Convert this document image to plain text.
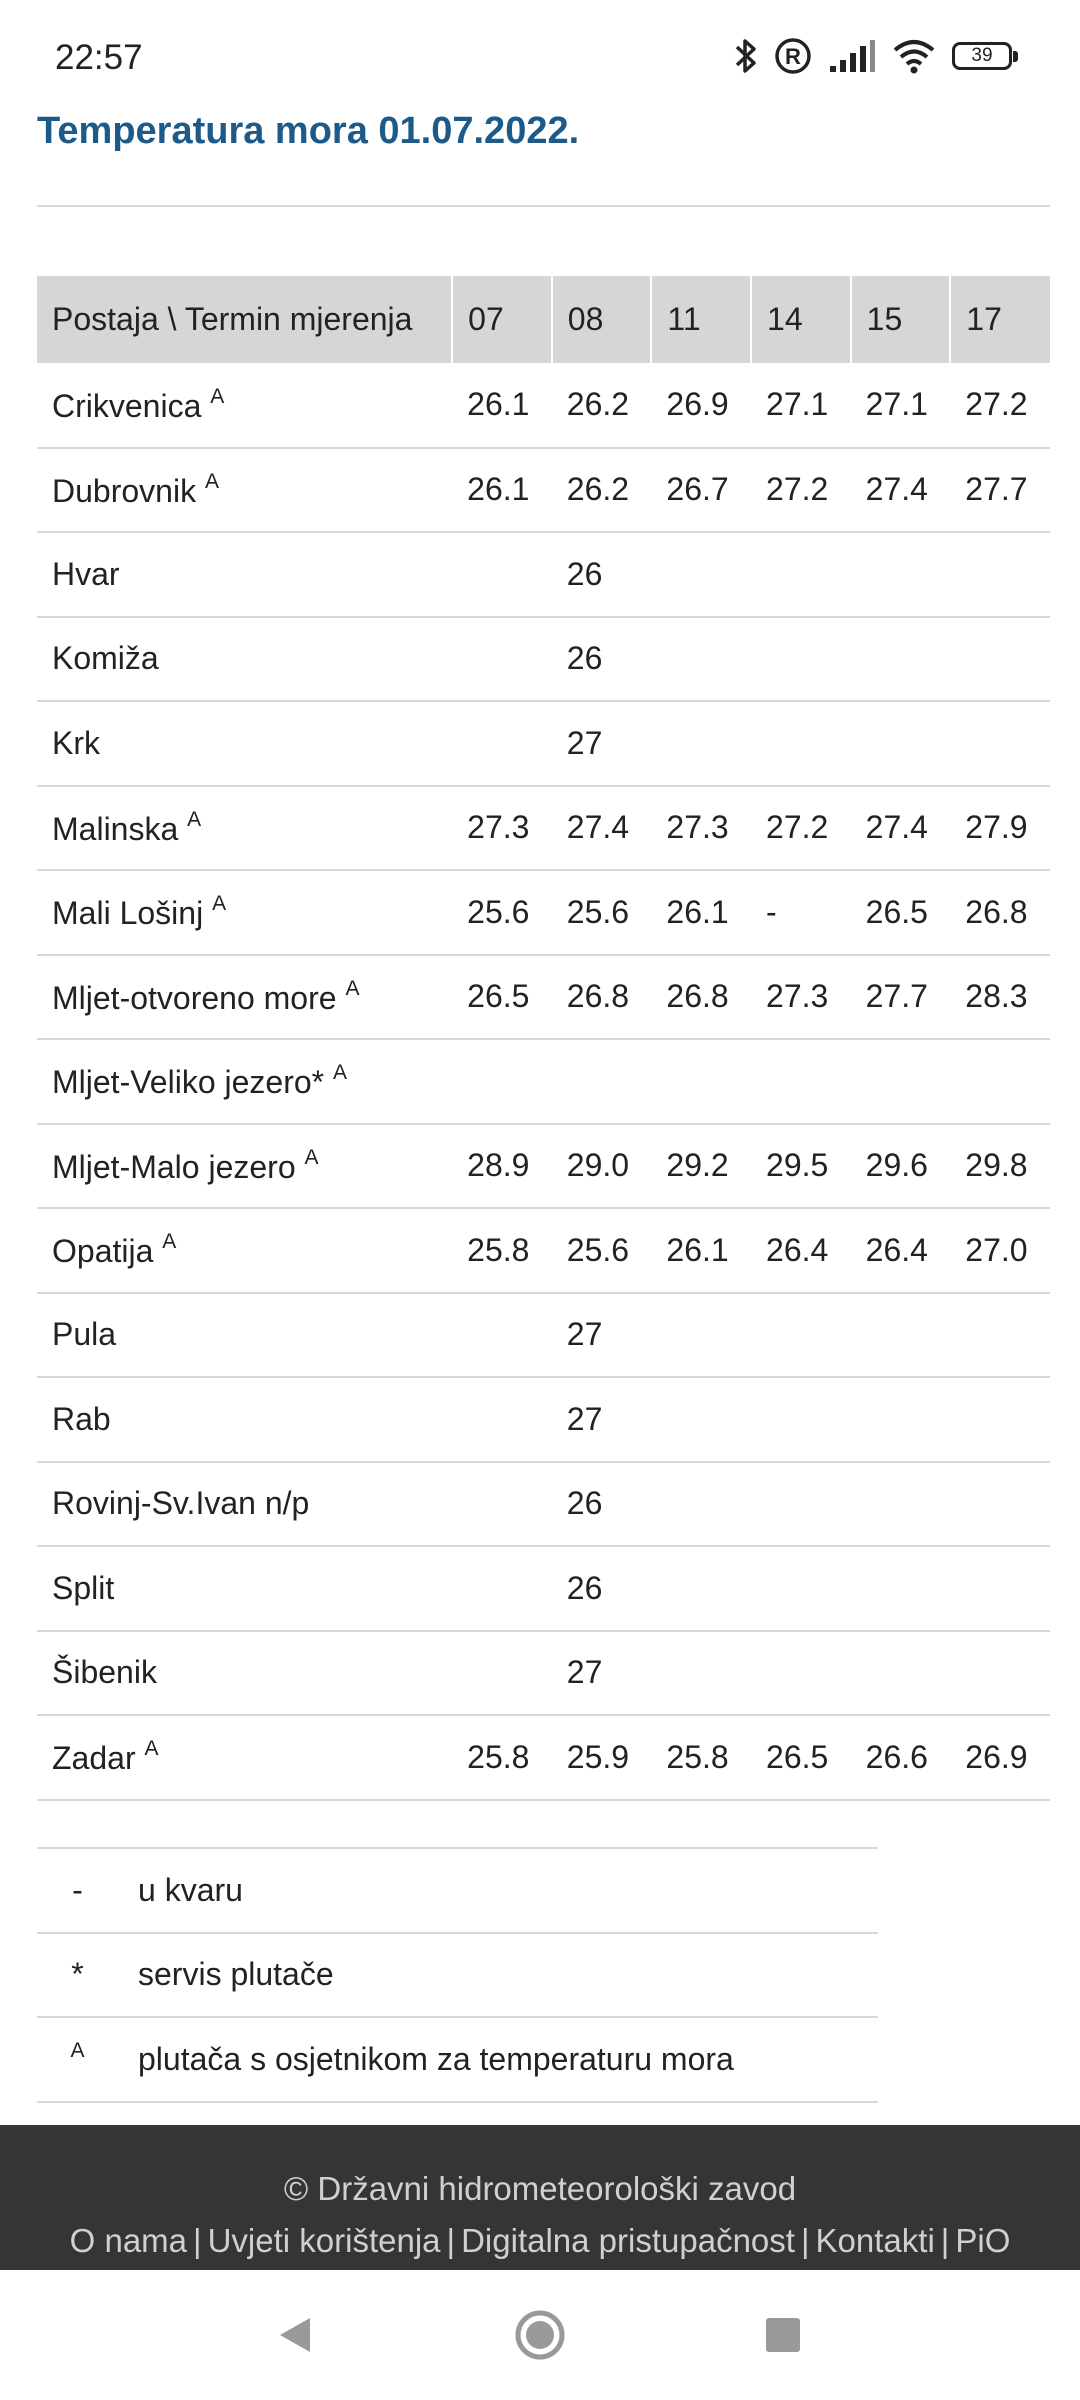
22:57	R	39
Temperatura mora 01.07.2022.
Postaja \ Termin mjerenja	07	08	11	14	15	17
Crikvenica $^A$	26.1	26.2	26.9	27.1	27.1	27.2
Dubrovnik $^A$	26.1	26.2	26.7	27.2	27.4	27.7
Hvar		26				
Komiža		26				
Krk		27				
Malinska $^A$	27.3	27.4	27.3	27.2	27.4	27.9
Mali Lošinj $^A$	25.6	25.6	26.1	-	26.5	26.8
Mljet-otvoreno more $^A$	26.5	26.8	26.8	27.3	27.7	28.3
Mljet-Veliko jezero* $^A$						
Mljet-Malo jezero $^A$	28.9	29.0	29.2	29.5	29.6	29.8
Opatija $^A$	25.8	25.6	26.1	26.4	26.4	27.0
Pula		27				
Rab		27				
Rovinj-Sv.Ivan n/p		26				
Split		26				
Šibenik		27				
Zadar $^A$	25.8	25.9	25.8	26.5	26.6	26.9
-	u kvaru
*	servis plutače
$^A$	plutača s osjetnikom za temperaturu mora
© Državni hidrometeorološki zavod
O nama | Uvjeti korištenja | Digitalna pristupačnost | Kontakti | PiO
